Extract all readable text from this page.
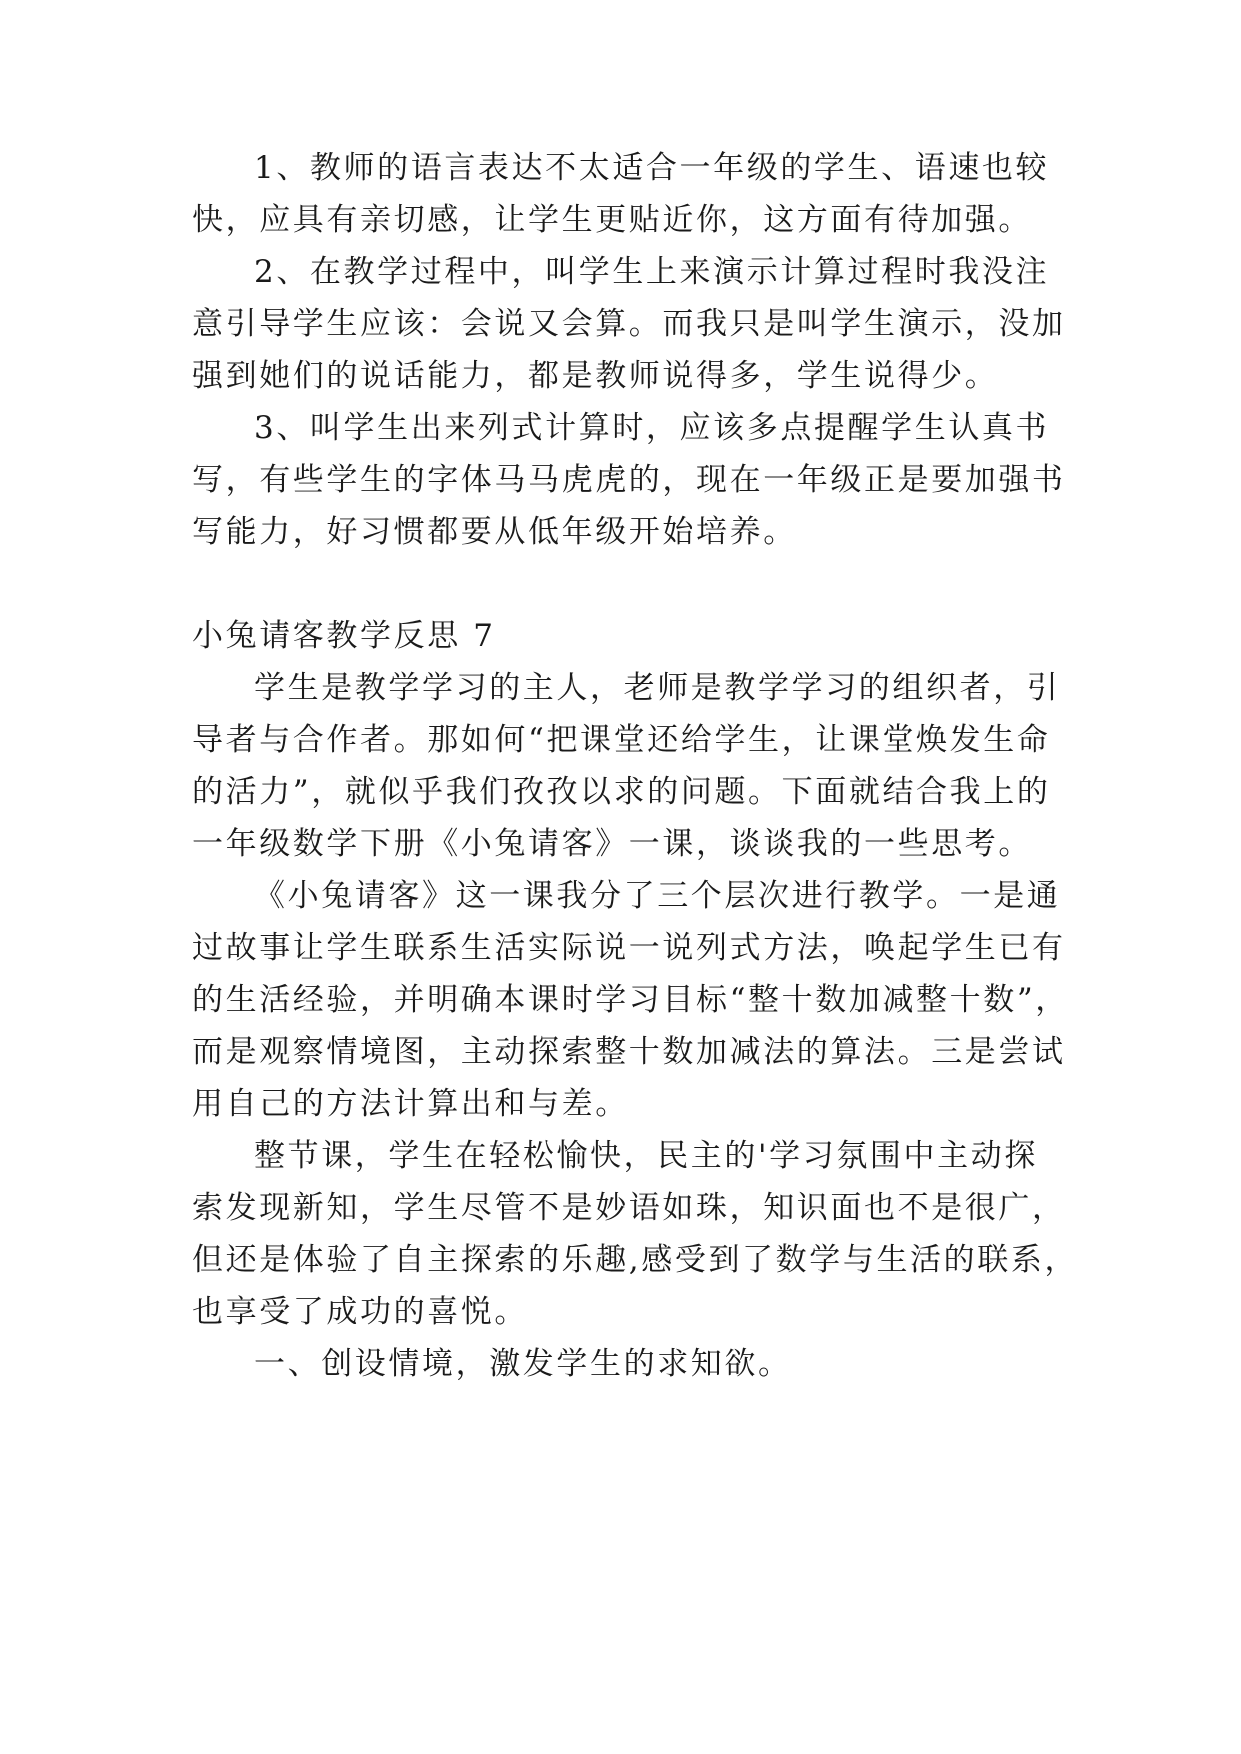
1、教师的语言表达不太适合一年级的学生、语速也较
快，应具有亲切感，让学生更贴近你，这方面有待加强。
2、在教学过程中，叫学生上来演示计算过程时我没注
意引导学生应该：会说又会算。而我只是叫学生演示，没加
强到她们的说话能力，都是教师说得多，学生说得少。
3、叫学生出来列式计算时，应该多点提醒学生认真书
写，有些学生的字体马马虎虎的，现在一年级正是要加强书
写能力，好习惯都要从低年级开始培养。
小兔请客教学反思 7
学生是教学学习的主人，老师是教学学习的组织者，引
导者与合作者。那如何“把课堂还给学生，让课堂焕发生命
的活力”，就似乎我们孜孜以求的问题。下面就结合我上的
一年级数学下册《小兔请客》一课，谈谈我的一些思考。
《小兔请客》这一课我分了三个层次进行教学。一是通
过故事让学生联系生活实际说一说列式方法，唤起学生已有
的生活经验，并明确本课时学习目标“整十数加减整十数”，
而是观察情境图，主动探索整十数加减法的算法。三是尝试
用自己的方法计算出和与差。
整节课，学生在轻松愉快，民主的'学习氛围中主动探
索发现新知，学生尽管不是妙语如珠，知识面也不是很广，
但还是体验了自主探索的乐趣,感受到了数学与生活的联系，
也享受了成功的喜悦。
一、创设情境，激发学生的求知欲。
